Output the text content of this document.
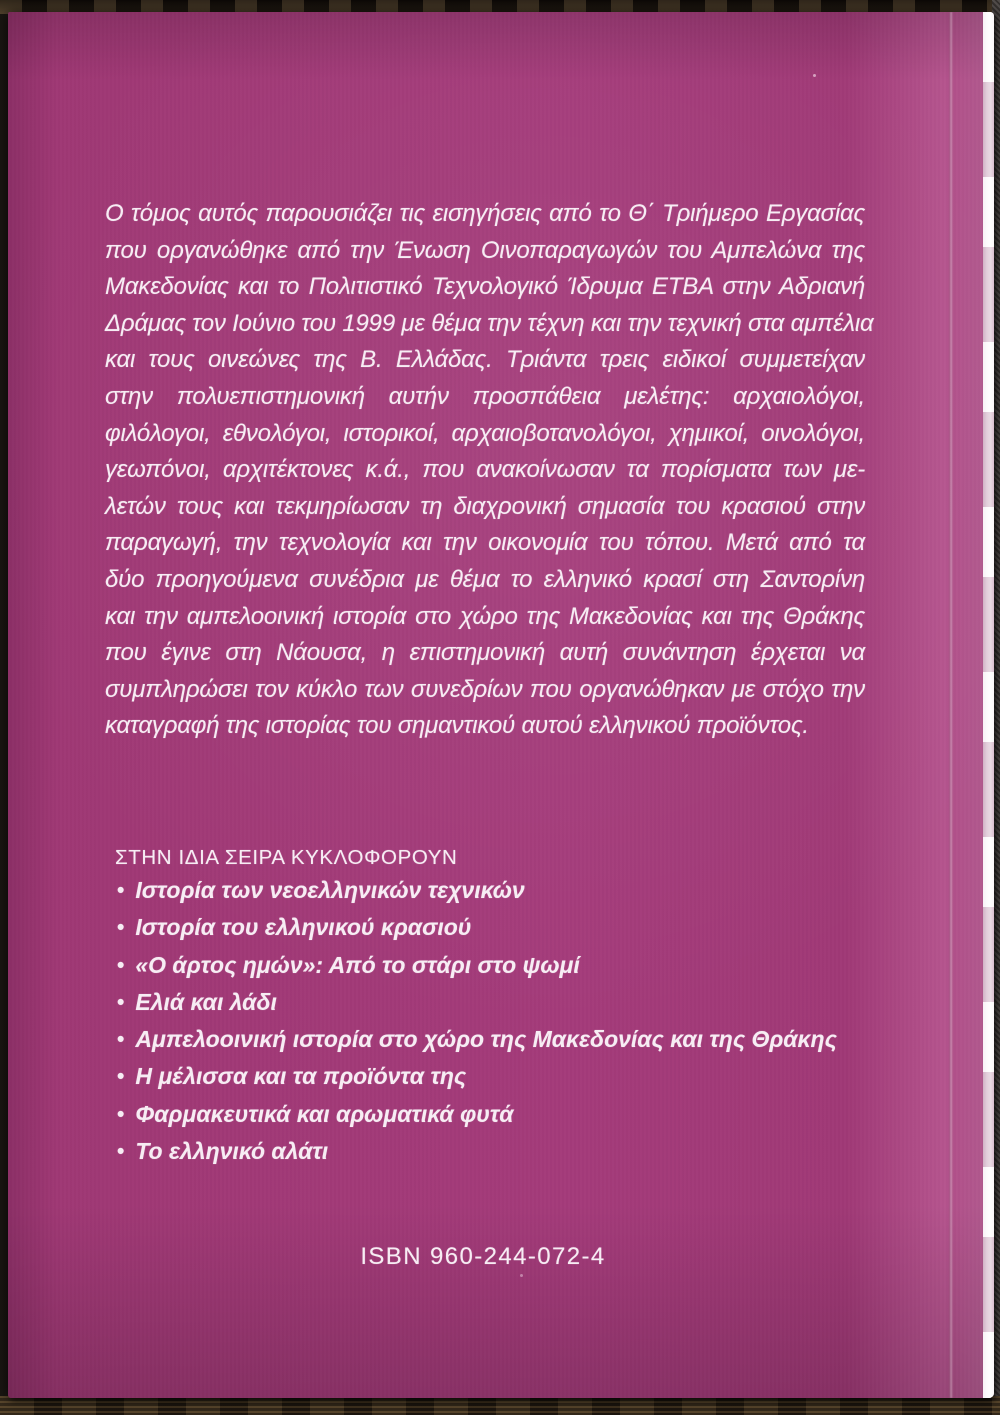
Ο τόμος αυτός παρουσιάζει τις εισηγήσεις από το Θ΄ Τριήμερο Εργασίας
που οργανώθηκε από την Ένωση Οινοπαραγωγών του Αμπελώνα της
Μακεδονίας και το Πολιτιστικό Τεχνολογικό Ίδρυμα ΕΤΒΑ στην Αδριανή
Δράμας τον Ιούνιο του 1999 με θέμα την τέχνη και την τεχνική στα αμπέλια
και τους οινεώνες της Β. Ελλάδας. Τριάντα τρεις ειδικοί συμμετείχαν
στην πολυεπιστημονική αυτήν προσπάθεια μελέτης: αρχαιολόγοι,
φιλόλογοι, εθνολόγοι, ιστορικοί, αρχαιοβοτανολόγοι, χημικοί, οινολόγοι,
γεωπόνοι, αρχιτέκτονες κ.ά., που ανακοίνωσαν τα πορίσματα των με-
λετών τους και τεκμηρίωσαν τη διαχρονική σημασία του κρασιού στην
παραγωγή, την τεχνολογία και την οικονομία του τόπου. Μετά από τα
δύο προηγούμενα συνέδρια με θέμα το ελληνικό κρασί στη Σαντορίνη
και την αμπελοοινική ιστορία στο χώρο της Μακεδονίας και της Θράκης
που έγινε στη Νάουσα, η επιστημονική αυτή συνάντηση έρχεται να
συμπληρώσει τον κύκλο των συνεδρίων που οργανώθηκαν με στόχο την
καταγραφή της ιστορίας του σημαντικού αυτού ελληνικού προϊόντος.
ΣΤΗΝ ΙΔΙΑ ΣΕΙΡΑ ΚΥΚΛΟΦΟΡΟΥΝ
• Ιστορία των νεοελληνικών τεχνικών
• Ιστορία του ελληνικού κρασιού
• «Ο άρτος ημών»: Από το στάρι στο ψωμί
• Ελιά και λάδι
• Αμπελοοινική ιστορία στο χώρο της Μακεδονίας και της Θράκης
• Η μέλισσα και τα προϊόντα της
• Φαρμακευτικά και αρωματικά φυτά
• Το ελληνικό αλάτι
ISBN 960-244-072-4
